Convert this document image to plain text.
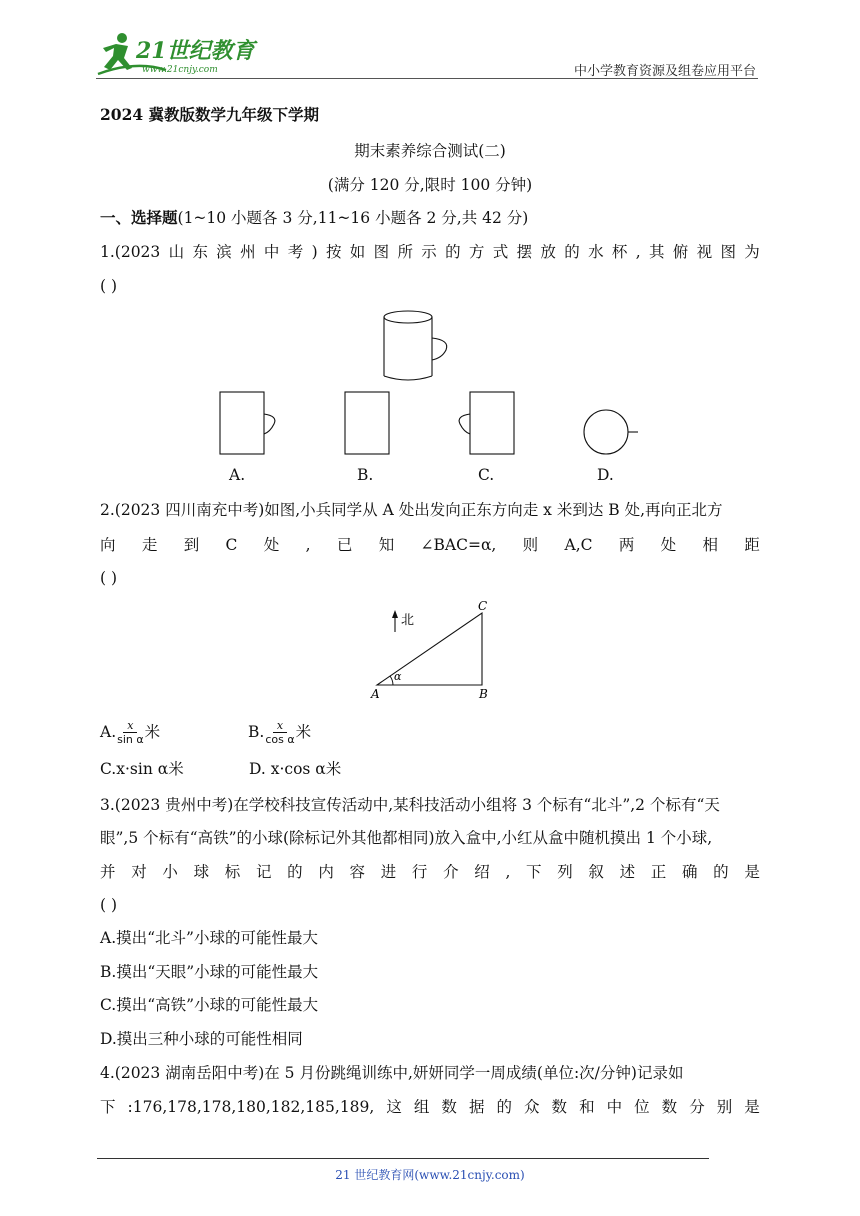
21世纪教育
www.21cnjy.com	中小学教育资源及组卷应用平台
2024 冀教版数学九年级下学期
期末素养综合测试(二)
(满分 120 分,限时 100 分钟)
一、选择题(1~10 小题各 3 分,11~16 小题各 2 分,共 42 分)
1.(2023 山 东 滨 州 中 考 ) 按 如 图 所 示 的 方 式 摆 放 的 水 杯 , 其 俯 视 图 为
( )
A.	B.	C.	D.
2.(2023 四川南充中考)如图,小兵同学从 A 处出发向正东方向走 x 米到达 B 处,再向正北方
向 走 到 C 处 , 已 知 ∠BAC=α, 则 A,C 两 处 相 距
( )
北
α
A	B
C
A. $\frac{x}{\text{sin α}}$ 米	B. $\frac{x}{\text{cos α}}$ 米
C.x·sin α米	D. x·cos α米
3.(2023 贵州中考)在学校科技宣传活动中,某科技活动小组将 3 个标有“北斗”,2 个标有“天
眼”,5 个标有“高铁”的小球(除标记外其他都相同)放入盒中,小红从盒中随机摸出 1 个小球,
并 对 小 球 标 记 的 内 容 进 行 介 绍 , 下 列 叙 述 正 确 的 是
( )
A.摸出“北斗”小球的可能性最大
B.摸出“天眼”小球的可能性最大
C.摸出“高铁”小球的可能性最大
D.摸出三种小球的可能性相同
4.(2023 湖南岳阳中考)在 5 月份跳绳训练中,妍妍同学一周成绩(单位:次/分钟)记录如
下 :176,178,178,180,182,185,189, 这 组 数 据 的 众 数 和 中 位 数 分 别 是
21 世纪教育网(www.21cnjy.com)
